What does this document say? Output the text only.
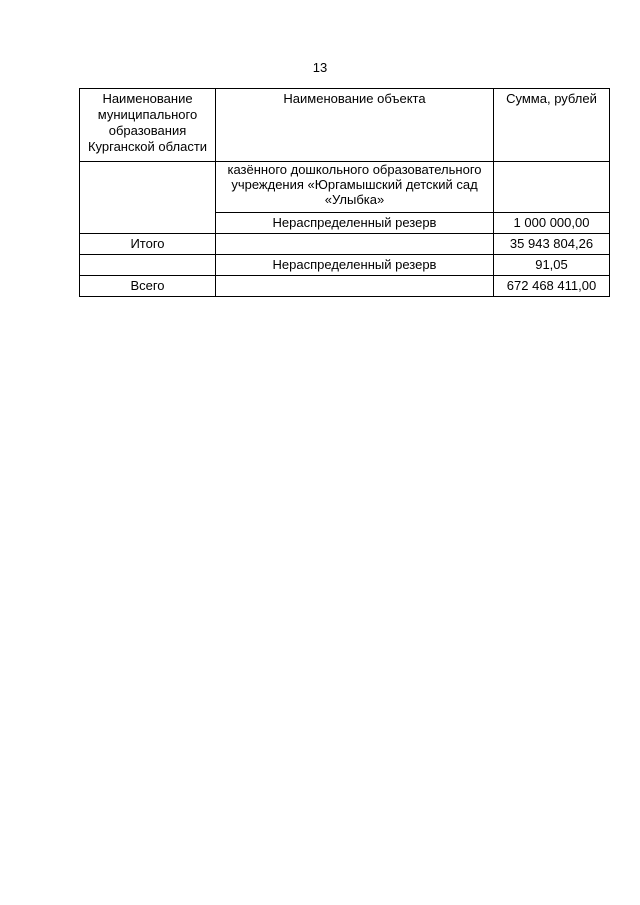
13
Наименование муниципального образования Курганской области	Наименование объекта	Сумма, рублей
	казённого дошкольного образовательного учреждения «Юргамышский детский сад «Улыбка»	
	Нераспределенный резерв	1 000 000,00
Итого		35 943 804,26
	Нераспределенный резерв	91,05
Всего		672 468 411,00
